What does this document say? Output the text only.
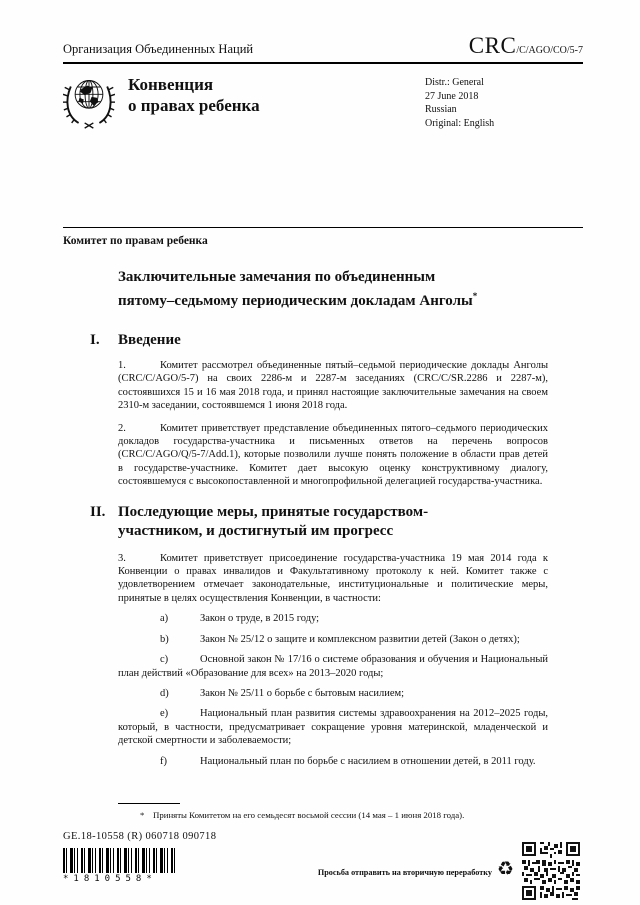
Организация Объединенных Наций	CRC /C/AGO/CO/5-7
Конвенция
о правах ребенка
Distr.: General
27 June 2018
Russian
Original: English
Комитет по правам ребенка
Заключительные замечания по объединенным
пятому–седьмому периодическим докладам Анголы*
I.	Введение

1.	Комитет рассмотрел объединенные пятый–седьмой периодические доклады Анголы (CRC/C/AGO/5-7) на своих 2286-м и 2287-м заседаниях (CRC/C/SR.2286 и 2287-м), состоявшихся 15 и 16 мая 2018 года, и принял настоящие заключительные замечания на своем 2310-м заседании, состоявшемся 1 июня 2018 года.

2.	Комитет приветствует представление объединенных пятого–седьмого периодических докладов государства-участника и письменных ответов на перечень вопросов (CRC/C/AGO/Q/5-7/Add.1), которые позволили лучше понять положение в области прав детей в государстве-участнике. Комитет дает высокую оценку конструктивному диалогу, состоявшемуся с высокопоставленной и многопрофильной делегацией государства-участника.

II. Последующие меры, принятые государством-участником, и достигнутый им прогресс

3.	Комитет приветствует присоединение государства-участника 19 мая 2014 года к Конвенции о правах инвалидов и Факультативному протоколу к ней. Комитет также с удовлетворением отмечает законодательные, институциональные и политические меры, принятые в целях осуществления Конвенции, в частности:

a)	Закон о труде, в 2015 году;

b)	Закон № 25/12 о защите и комплексном развитии детей (Закон о детях);

c)	Основной закон № 17/16 о системе образования и обучения и Национальный план действий «Образование для всех» на 2013–2020 годы;

d)	Закон № 25/11 о борьбе с бытовым насилием;

e)	Национальный план развития системы здравоохранения на 2012–2025 годы, который, в частности, предусматривает сокращение уровня материнской, младенческой и детской смертности и заболеваемости;

f)	Национальный план по борьбе с насилием в отношении детей, в 2011 году.

* Приняты Комитетом на его семьдесят восьмой сессии (14 мая – 1 июня 2018 года).
GE.18-10558 (R) 060718 090718
*1810558*
Просьба отправить на вторичную переработку ♻
